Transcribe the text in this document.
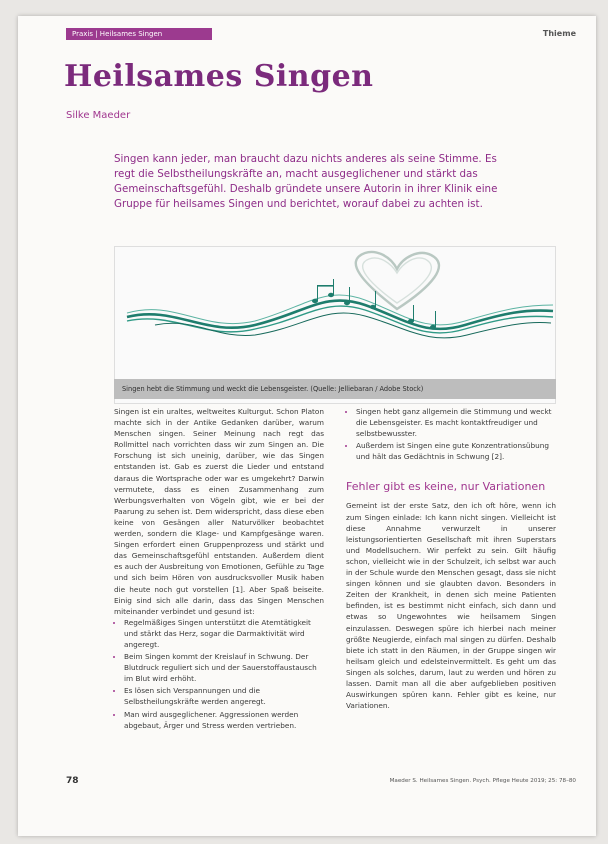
Praxis | Heilsames Singen	Thieme
Heilsames Singen
Silke Maeder

Singen kann jeder, man braucht dazu nichts anderes als seine Stimme. Es regt die Selbstheilungskräfte an, macht ausgeglichener und stärkt das Gemeinschaftsgefühl. Deshalb gründete unsere Autorin in ihrer Klinik eine Gruppe für heilsames Singen und berichtet, worauf dabei zu achten ist.

Singen hebt die Stimmung und weckt die Lebensgeister. (Quelle: Jelliebaran / Adobe Stock)

Singen ist ein uraltes, weltweites Kulturgut. Schon Platon machte sich in der Antike Gedanken darüber, warum Menschen singen. Seiner Meinung nach regt das Rollmittel nach vorrichten dass wir zum Singen an. Die Forschung ist sich uneinig, darüber, wie das Singen entstanden ist. Gab es zuerst die Lieder und entstand daraus die Wortsprache oder war es umgekehrt? Darwin vermutete, dass es einen Zusammenhang zum Werbungsverhalten von Vögeln gibt, wie er bei der Paarung zu sehen ist. Dem widerspricht, dass diese eben keine von Gesängen aller Naturvölker beobachtet werden, sondern die Klage- und Kampfgesänge waren. Singen erfordert einen Gruppenprozess und stärkt und das Gemeinschaftsgefühl entstanden. Außerdem dient es auch der Ausbreitung von Emotionen, Gefühle zu Tage und sich beim Hören von ausdrucksvoller Musik haben die heute noch gut vorstellen [1]. Aber Spaß beiseite. Einig sind sich alle darin, dass das Singen Menschen miteinander verbindet und gesund ist:

• Regelmäßiges Singen unterstützt die Atemtätigkeit und stärkt das Herz, sogar die Darmaktivität wird angeregt.
• Beim Singen kommt der Kreislauf in Schwung. Der Blutdruck reguliert sich und der Sauerstoffaustausch im Blut wird erhöht.
• Es lösen sich Verspannungen und die Selbstheilungskräfte werden angeregt.
• Man wird ausgeglichener. Aggressionen werden abgebaut, Ärger und Stress werden vertrieben.
• Singen hebt ganz allgemein die Stimmung und weckt die Lebensgeister. Es macht kontaktfreudiger und selbstbewusster.
• Außerdem ist Singen eine gute Konzentrationsübung und hält das Gedächtnis in Schwung [2].
Fehler gibt es keine, nur Variationen

Gemeint ist der erste Satz, den ich oft höre, wenn ich zum Singen einlade: Ich kann nicht singen. Vielleicht ist diese Annahme verwurzelt in unserer leistungsorientierten Gesellschaft mit ihren Superstars und Modellsuchern. Wir perfekt zu sein. Gilt häufig schon, vielleicht wie in der Schulzeit, ich selbst war auch in der Schule wurde den Menschen gesagt, dass sie nicht singen können und sie glaubten davon. Besonders in Zeiten der Krankheit, in denen sich meine Patienten befinden, ist es bestimmt nicht einfach, sich dann und etwas so Ungewohntes wie heilsamem Singen einzulassen. Deswegen spüre ich hierbei nach meiner größte Neugierde, einfach mal singen zu dürfen. Deshalb biete ich statt in den Räumen, in der Gruppe singen wir heilsam gleich und edelsteinvermittelt. Es geht um das Singen als solches, darum, laut zu werden und hören zu lassen. Damit man all die aber aufgeblieben positiven Auswirkungen spüren kann. Fehler gibt es keine, nur Variationen.

78	Maeder S. Heilsames Singen. Psych. Pflege Heute 2019; 25: 78–80
